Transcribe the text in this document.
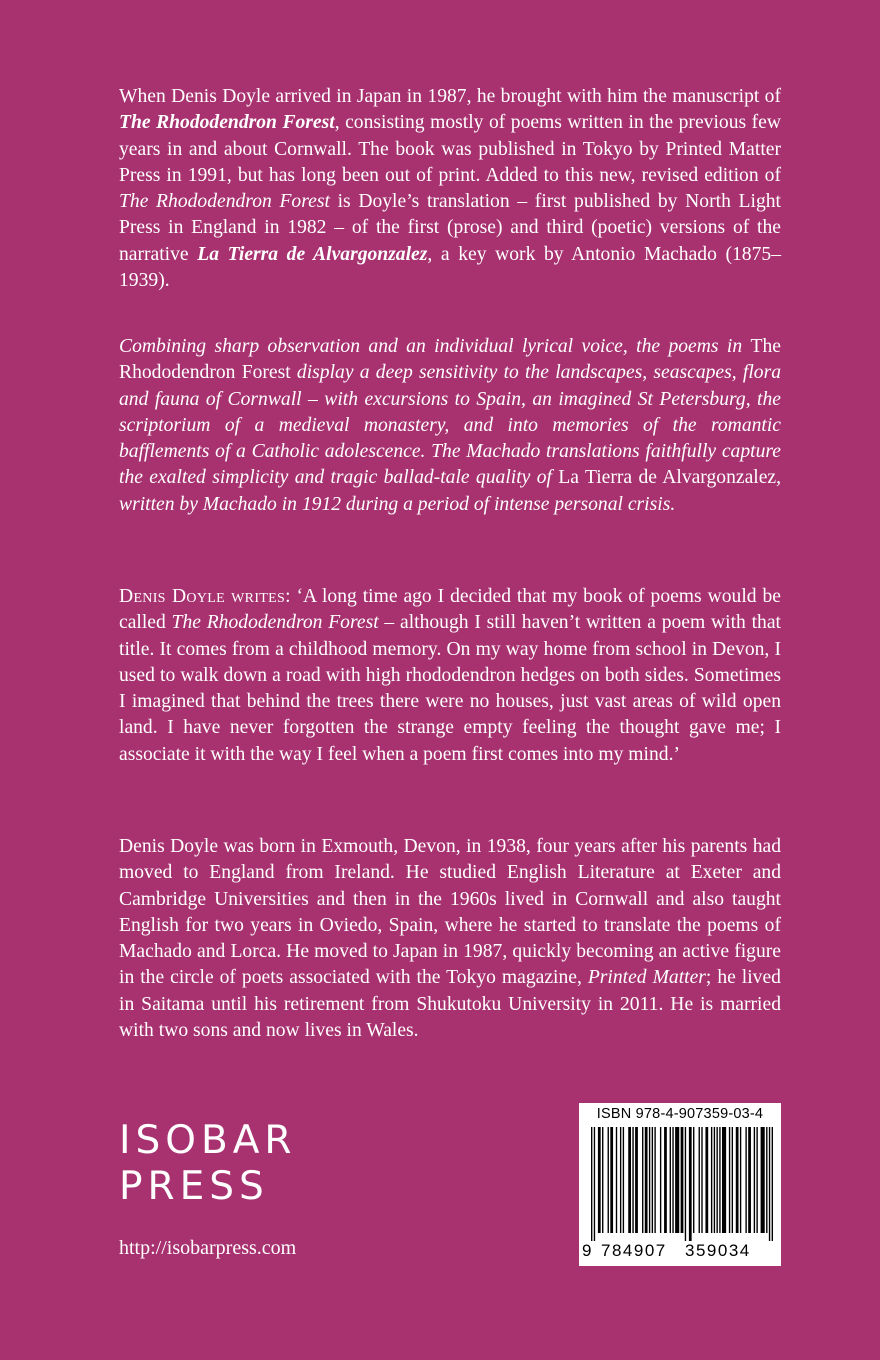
When Denis Doyle arrived in Japan in 1987, he brought with him the manuscript of The Rhododendron Forest, consisting mostly of poems written in the previous few years in and about Cornwall. The book was published in Tokyo by Printed Matter Press in 1991, but has long been out of print. Added to this new, revised edition of The Rhododendron Forest is Doyle’s translation – first published by North Light Press in England in 1982 – of the first (prose) and third (poetic) versions of the narrative La Tierra de Alvargonzalez, a key work by Antonio Machado (1875–1939).

Combining sharp observation and an individual lyrical voice, the poems in The Rhododendron Forest display a deep sensitivity to the landscapes, seascapes, flora and fauna of Cornwall – with excursions to Spain, an imagined St Petersburg, the scriptorium of a medieval monastery, and into memories of the romantic bafflements of a Catholic adolescence. The Machado translations faithfully capture the exalted simplicity and tragic ballad-tale quality of La Tierra de Alvargonzalez, written by Machado in 1912 during a period of intense personal crisis.

Denis Doyle writes: ‘A long time ago I decided that my book of poems would be called The Rhododendron Forest – although I still haven’t written a poem with that title. It comes from a childhood memory. On my way home from school in Devon, I used to walk down a road with high rhododendron hedges on both sides. Sometimes I imagined that behind the trees there were no houses, just vast areas of wild open land. I have never forgotten the strange empty feeling the thought gave me; I associate it with the way I feel when a poem first comes into my mind.’

Denis Doyle was born in Exmouth, Devon, in 1938, four years after his parents had moved to England from Ireland. He studied English Literature at Exeter and Cambridge Universities and then in the 1960s lived in Cornwall and also taught English for two years in Oviedo, Spain, where he started to translate the poems of Machado and Lorca. He moved to Japan in 1987, quickly becoming an active figure in the circle of poets associated with the Tokyo magazine, Printed Matter; he lived in Saitama until his retirement from Shukutoku University in 2011. He is married with two sons and now lives in Wales.

ISOBAR
PRESS
http://isobarpress.com
ISBN 978-4-907359-03-4
9 784907 359034
